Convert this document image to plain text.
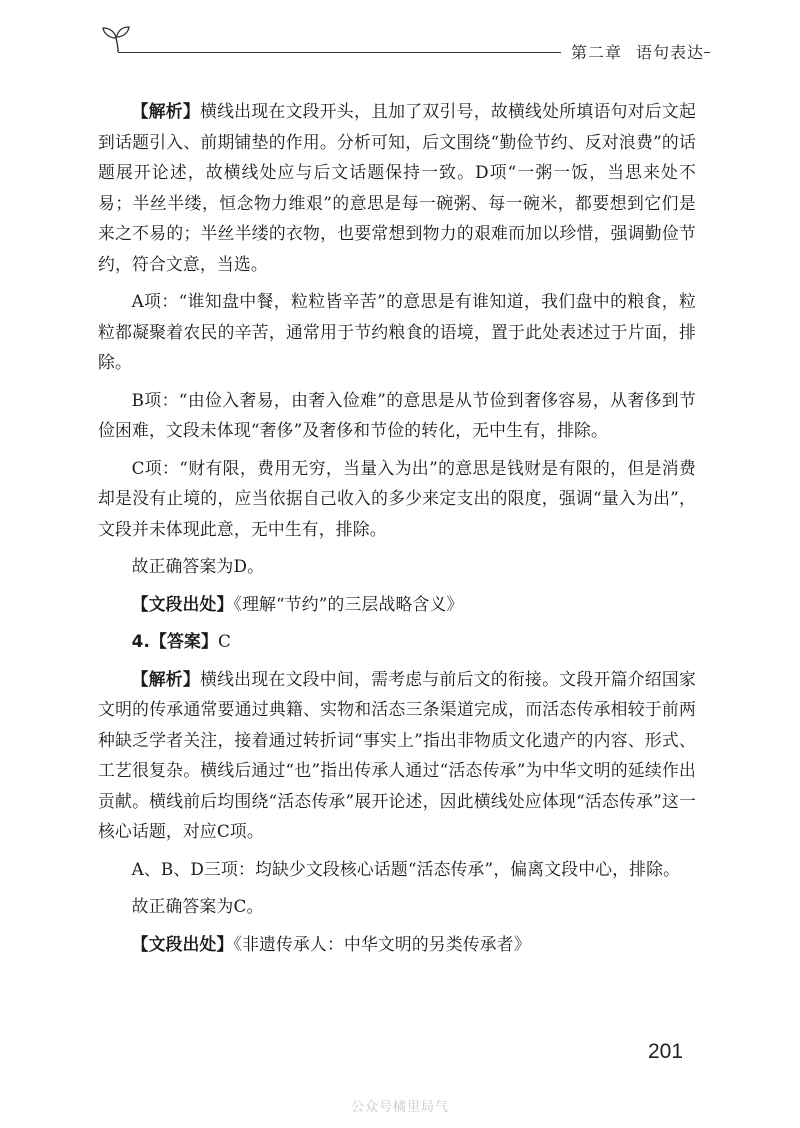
第二章 语句表达

【解析】横线出现在文段开头，且加了双引号，故横线处所填语句对后文起到话题引入、前期铺垫的作用。分析可知，后文围绕“勤俭节约、反对浪费”的话题展开论述，故横线处应与后文话题保持一致。D项“一粥一饭，当思来处不易；半丝半缕，恒念物力维艰”的意思是每一碗粥、每一碗米，都要想到它们是来之不易的；半丝半缕的衣物，也要常想到物力的艰难而加以珍惜，强调勤俭节约，符合文意，当选。

A项：“谁知盘中餐，粒粒皆辛苦”的意思是有谁知道，我们盘中的粮食，粒粒都凝聚着农民的辛苦，通常用于节约粮食的语境，置于此处表述过于片面，排除。

B项：“由俭入奢易，由奢入俭难”的意思是从节俭到奢侈容易，从奢侈到节俭困难，文段未体现“奢侈”及奢侈和节俭的转化，无中生有，排除。

C项：“财有限，费用无穷，当量入为出”的意思是钱财是有限的，但是消费却是没有止境的，应当依据自己收入的多少来定支出的限度，强调“量入为出”，文段并未体现此意，无中生有，排除。

故正确答案为D。

【文段出处】《理解“节约”的三层战略含义》

4.【答案】C

【解析】横线出现在文段中间，需考虑与前后文的衔接。文段开篇介绍国家文明的传承通常要通过典籍、实物和活态三条渠道完成，而活态传承相较于前两种缺乏学者关注，接着通过转折词“事实上”指出非物质文化遗产的内容、形式、工艺很复杂。横线后通过“也”指出传承人通过“活态传承”为中华文明的延续作出贡献。横线前后均围绕“活态传承”展开论述，因此横线处应体现“活态传承”这一核心话题，对应C项。

A、B、D三项：均缺少文段核心话题“活态传承”，偏离文段中心，排除。

故正确答案为C。

【文段出处】《非遗传承人：中华文明的另类传承者》

201
公众号橘里局气
